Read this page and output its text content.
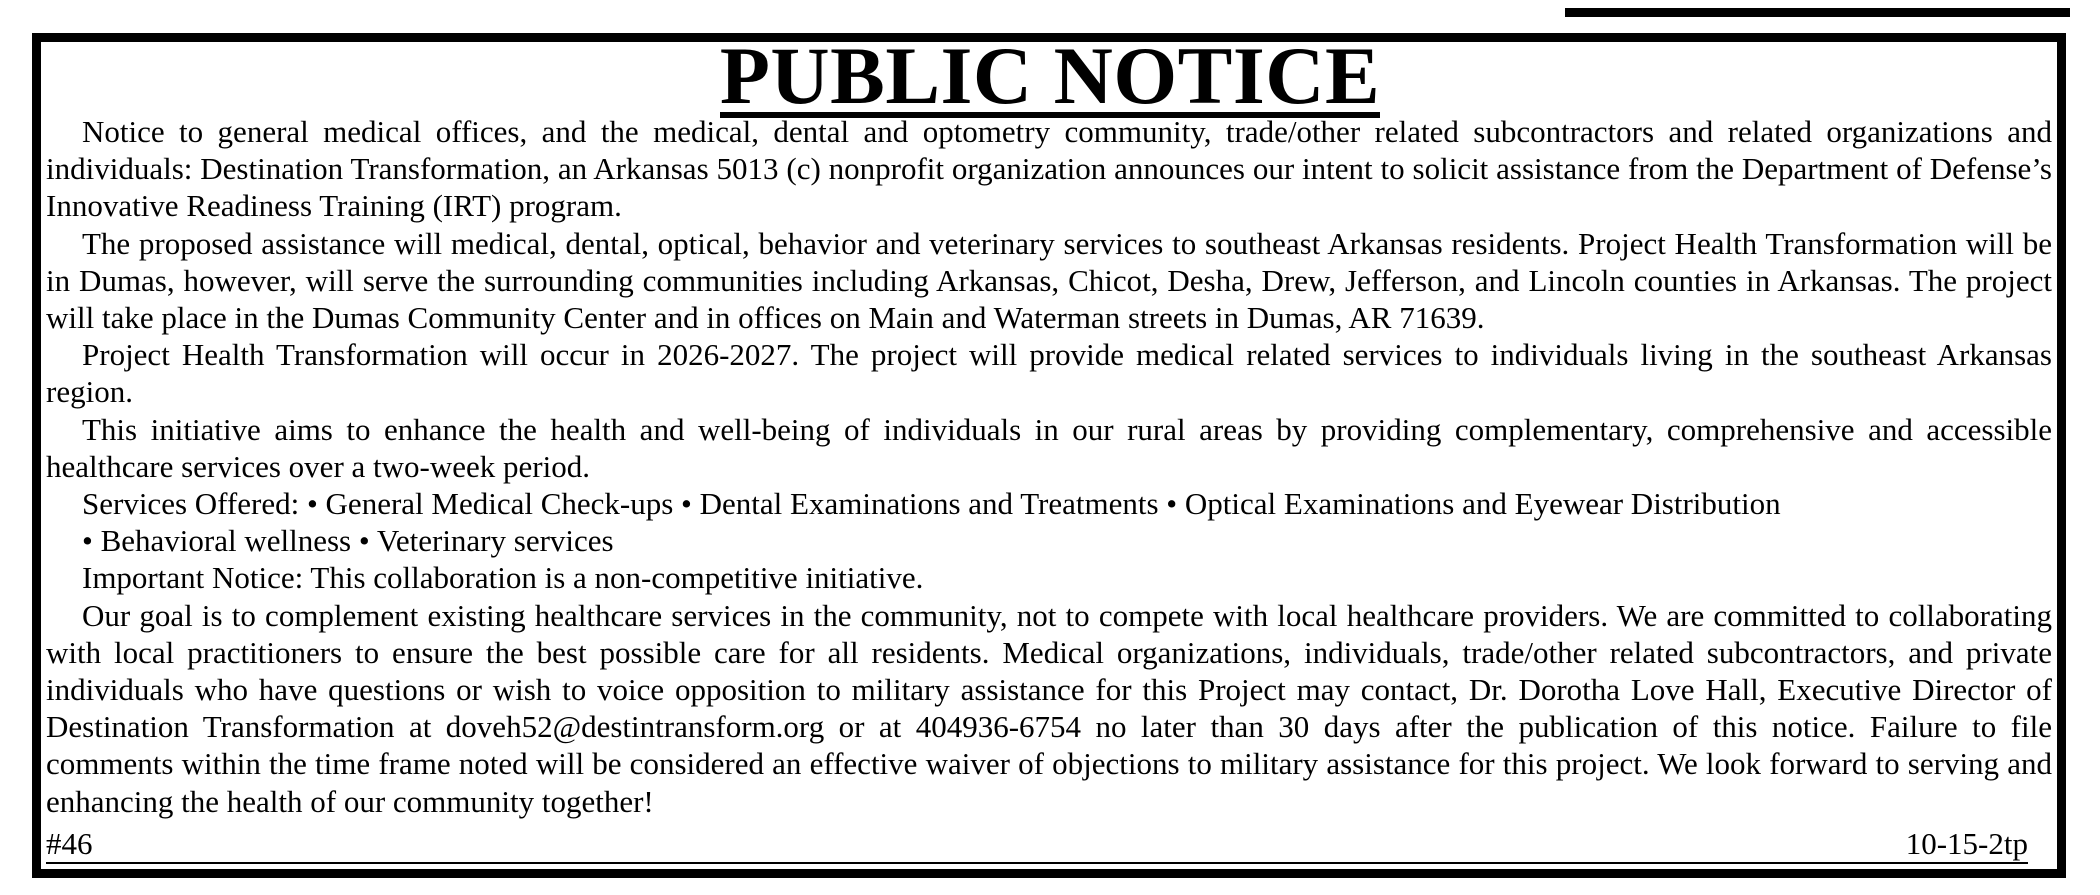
PUBLIC NOTICE

Notice to general medical offices, and the medical, dental and optometry community, trade/other related subcontractors and related organizations and individuals: Destination Transformation, an Arkansas 5013 (c) nonprofit organization announces our intent to solicit assistance from the Department of Defense’s Innovative Readiness Training (IRT) program.

The proposed assistance will medical, dental, optical, behavior and veterinary services to southeast Arkansas residents. Project Health Transformation will be in Dumas, however, will serve the surrounding communities including Arkansas, Chicot, Desha, Drew, Jefferson, and Lincoln counties in Arkansas. The project will take place in the Dumas Community Center and in offices on Main and Waterman streets in Dumas, AR 71639.

Project Health Transformation will occur in 2026-2027. The project will provide medical related services to individuals living in the southeast Arkansas region.

This initiative aims to enhance the health and well-being of individuals in our rural areas by providing complementary, comprehensive and accessible healthcare services over a two-week period.

Services Offered: • General Medical Check-ups • Dental Examinations and Treatments • Optical Examinations and Eyewear Distribution

• Behavioral wellness • Veterinary services

Important Notice: This collaboration is a non-competitive initiative.

Our goal is to complement existing healthcare services in the community, not to compete with local healthcare providers. We are committed to collaborating with local practitioners to ensure the best possible care for all residents. Medical organizations, individuals, trade/other related subcontractors, and private individuals who have questions or wish to voice opposition to military assistance for this Project may contact, Dr. Dorotha Love Hall, Executive Director of Destination Transformation at doveh52@destintransform.org or at 404936-6754 no later than 30 days after the publication of this notice. Failure to file comments within the time frame noted will be considered an effective waiver of objections to military assistance for this project. We look forward to serving and enhancing the health of our community together!

#46	10-15-2tp
